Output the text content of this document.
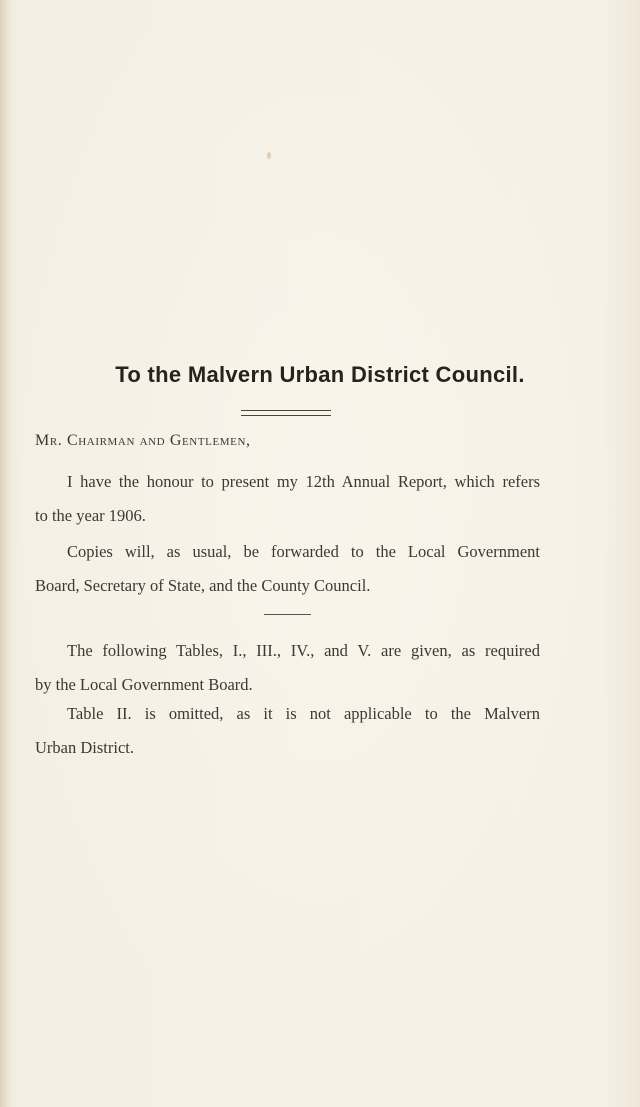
To the Malvern Urban District Council.
Mr. Chairman and Gentlemen,
I have the honour to present my 12th Annual Report, which refers
to the year 1906.
Copies will, as usual, be forwarded to the Local Government
Board, Secretary of State, and the County Council.
The following Tables, I., III., IV., and V. are given, as required
by the Local Government Board.
Table II. is omitted, as it is not applicable to the Malvern
Urban District.
